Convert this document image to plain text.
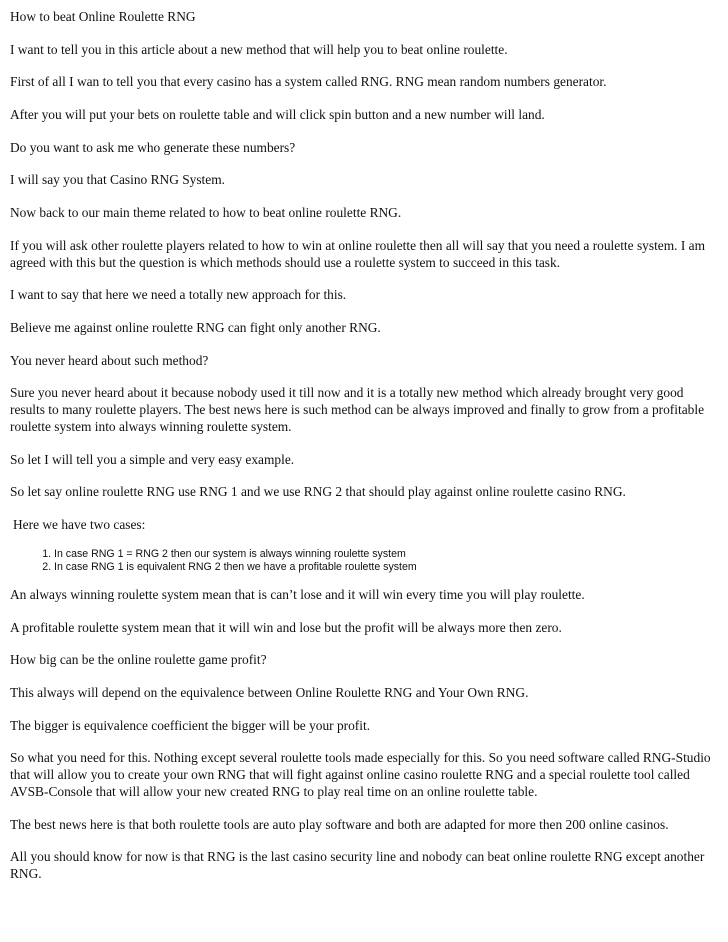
How to beat Online Roulette RNG

I want to tell you in this article about a new method that will help you to beat online roulette.

First of all I wan to tell you that every casino has a system called RNG. RNG mean random numbers generator.

After you will put your bets on roulette table and will click spin button and a new number will land.

Do you want to ask me who generate these numbers?

I will say you that Casino RNG System.

Now back to our main theme related to how to beat online roulette RNG.

If you will ask other roulette players related to how to win at online roulette then all will say that you need a roulette system. I am agreed with this but the question is which methods should use a roulette system to succeed in this task.

I want to say that here we need a totally new approach for this.

Believe me against online roulette RNG can fight only another RNG.

You never heard about such method?

Sure you never heard about it because nobody used it till now and it is a totally new method which already brought very good results to many roulette players. The best news here is such method can be always improved and finally to grow from a profitable roulette system into always winning roulette system.

So let I will tell you a simple and very easy example.

So let say online roulette RNG use RNG 1 and we use RNG 2 that should play against online roulette casino RNG.

Here we have two cases:

1. In case RNG 1 = RNG 2 then our system is always winning roulette system
2. In case RNG 1 is equivalent RNG 2 then we have a profitable roulette system

An always winning roulette system mean that is can’t lose and it will win every time you will play roulette.

A profitable roulette system mean that it will win and lose but the profit will be always more then zero.

How big can be the online roulette game profit?

This always will depend on the equivalence between Online Roulette RNG and Your Own RNG.

The bigger is equivalence coefficient the bigger will be your profit.

So what you need for this. Nothing except several roulette tools made especially for this. So you need software called RNG-Studio that will allow you to create your own RNG that will fight against online casino roulette RNG and a special roulette tool called AVSB-Console that will allow your new created RNG to play real time on an online roulette table.

The best news here is that both roulette tools are auto play software and both are adapted for more then 200 online casinos.

All you should know for now is that RNG is the last casino security line and nobody can beat online roulette RNG except another RNG.
